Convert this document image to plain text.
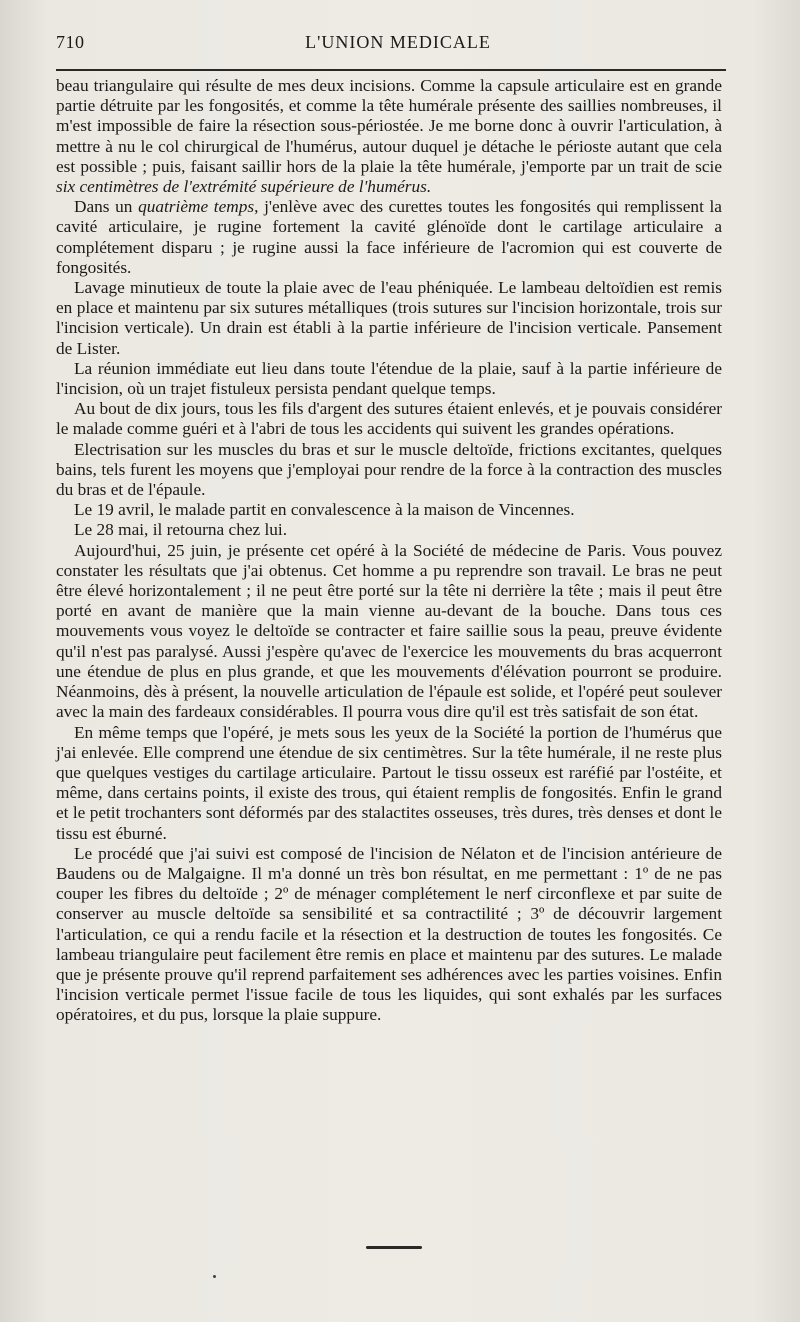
710	L'UNION MEDICALE

beau triangulaire qui résulte de mes deux incisions. Comme la capsule articulaire est en grande partie détruite par les fongosités, et comme la tête humérale présente des saillies nombreuses, il m'est impossible de faire la résection sous-périostée. Je me borne donc à ouvrir l'articulation, à mettre à nu le col chirurgical de l'humérus, autour duquel je détache le périoste autant que cela est possible ; puis, faisant saillir hors de la plaie la tête humérale, j'emporte par un trait de scie six centimètres de l'extrémité supérieure de l'humérus.

Dans un quatrième temps, j'enlève avec des curettes toutes les fongosités qui remplissent la cavité articulaire, je rugine fortement la cavité glénoïde dont le cartilage articulaire a complétement disparu ; je rugine aussi la face inférieure de l'acromion qui est couverte de fongosités.

Lavage minutieux de toute la plaie avec de l'eau phéniquée. Le lambeau deltoïdien est remis en place et maintenu par six sutures métalliques (trois sutures sur l'incision horizontale, trois sur l'incision verticale). Un drain est établi à la partie inférieure de l'incision verticale. Pansement de Lister.

La réunion immédiate eut lieu dans toute l'étendue de la plaie, sauf à la partie inférieure de l'incision, où un trajet fistuleux persista pendant quelque temps.

Au bout de dix jours, tous les fils d'argent des sutures étaient enlevés, et je pouvais considérer le malade comme guéri et à l'abri de tous les accidents qui suivent les grandes opérations.

Electrisation sur les muscles du bras et sur le muscle deltoïde, frictions excitantes, quelques bains, tels furent les moyens que j'employai pour rendre de la force à la contraction des muscles du bras et de l'épaule.

Le 19 avril, le malade partit en convalescence à la maison de Vincennes.

Le 28 mai, il retourna chez lui.

Aujourd'hui, 25 juin, je présente cet opéré à la Société de médecine de Paris. Vous pouvez constater les résultats que j'ai obtenus. Cet homme a pu reprendre son travail. Le bras ne peut être élevé horizontalement ; il ne peut être porté sur la tête ni derrière la tête ; mais il peut être porté en avant de manière que la main vienne au-devant de la bouche. Dans tous ces mouvements vous voyez le deltoïde se contracter et faire saillie sous la peau, preuve évidente qu'il n'est pas paralysé. Aussi j'espère qu'avec de l'exercice les mouvements du bras acquerront une étendue de plus en plus grande, et que les mouvements d'élévation pourront se produire. Néanmoins, dès à présent, la nouvelle articulation de l'épaule est solide, et l'opéré peut soulever avec la main des fardeaux considérables. Il pourra vous dire qu'il est très satisfait de son état.

En même temps que l'opéré, je mets sous les yeux de la Société la portion de l'humérus que j'ai enlevée. Elle comprend une étendue de six centimètres. Sur la tête humérale, il ne reste plus que quelques vestiges du cartilage articulaire. Partout le tissu osseux est raréfié par l'ostéite, et même, dans certains points, il existe des trous, qui étaient remplis de fongosités. Enfin le grand et le petit trochanters sont déformés par des stalactites osseuses, très dures, très denses et dont le tissu est éburné.

Le procédé que j'ai suivi est composé de l'incision de Nélaton et de l'incision antérieure de Baudens ou de Malgaigne. Il m'a donné un très bon résultat, en me permettant : 1º de ne pas couper les fibres du deltoïde ; 2º de ménager complétement le nerf circonflexe et par suite de conserver au muscle deltoïde sa sensibilité et sa contractilité ; 3º de découvrir largement l'articulation, ce qui a rendu facile et la résection et la destruction de toutes les fongosités. Ce lambeau triangulaire peut facilement être remis en place et maintenu par des sutures. Le malade que je présente prouve qu'il reprend parfaitement ses adhérences avec les parties voisines. Enfin l'incision verticale permet l'issue facile de tous les liquides, qui sont exhalés par les surfaces opératoires, et du pus, lorsque la plaie suppure.
